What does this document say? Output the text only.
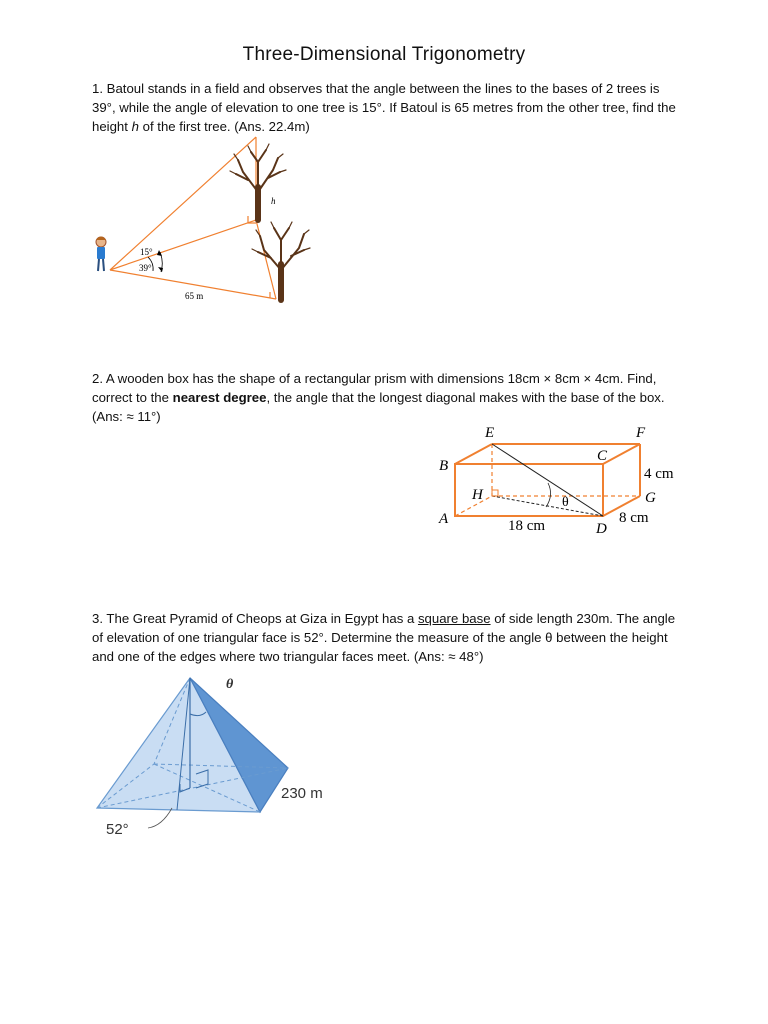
Three-Dimensional Trigonometry
1. Batoul stands in a field and observes that the angle between the lines to the bases of 2 trees is 39°, while the angle of elevation to one tree is 15°. If Batoul is 65 metres from the other tree, find the height h of the first tree. (Ans. 22.4m)
15°
39°
65 m
h
2. A wooden box has the shape of a rectangular prism with dimensions 18cm × 8cm × 4cm. Find, correct to the nearest degree, the angle that the longest diagonal makes with the base of the box. (Ans: ≈ 11°)
E	F
B
C
H	G
A
D
θ
18 cm
4 cm
8 cm
3. The Great Pyramid of Cheops at Giza in Egypt has a square base of side length 230m. The angle of elevation of one triangular face is 52°. Determine the measure of the angle θ between the height and one of the edges where two triangular faces meet. (Ans: ≈ 48°)
θ
230 m
52°
